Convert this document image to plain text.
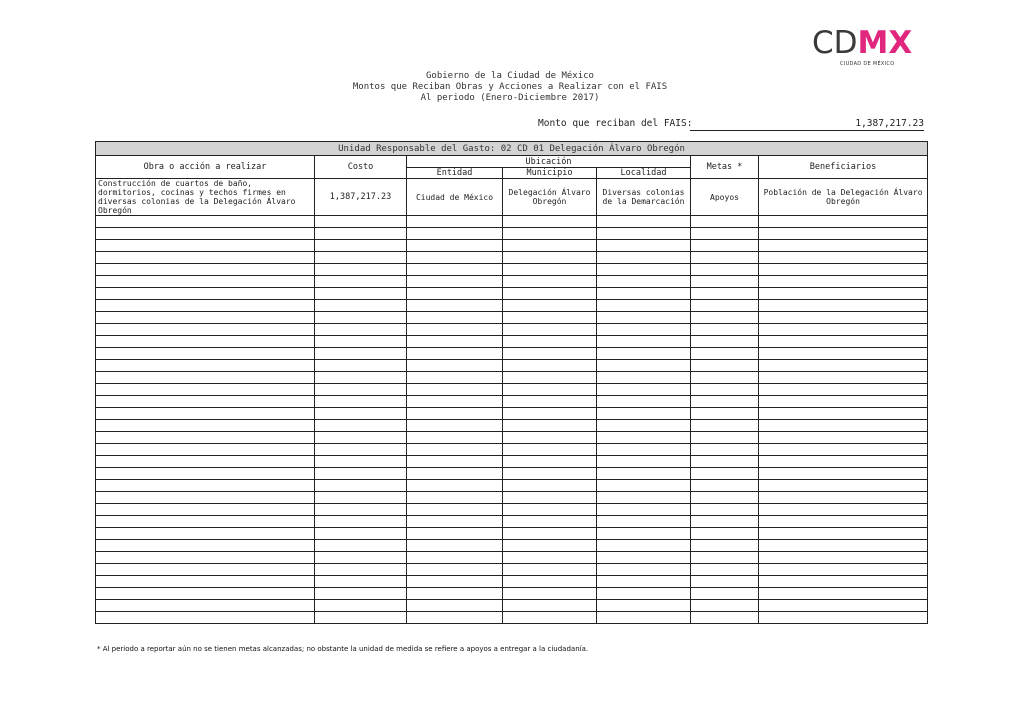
CDMX
CIUDAD DE MÉXICO
Gobierno de la Ciudad de México
Montos que Reciban Obras y Acciones a Realizar con el FAIS
Al periodo (Enero-Diciembre 2017)
Monto que reciban del FAIS:	1,387,217.23
Unidad Responsable del Gasto: 02 CD 01 Delegación Álvaro Obregón						
Obra o acción a realizar	Costo	Ubicación			Metas *	Beneficiarios
		Entidad	Municipio	Localidad		
Construcción de cuartos de baño, dormitorios, cocinas y techos firmes en diversas colonias de la Delegación Álvaro Obregón	1,387,217.23	Ciudad de México	Delegación Álvaro Obregón	Diversas colonias de la Demarcación	Apoyos	Población de la Delegación Álvaro Obregón

* Al periodo a reportar aún no se tienen metas alcanzadas; no obstante la unidad de medida se refiere a apoyos a entregar a la ciudadanía.
